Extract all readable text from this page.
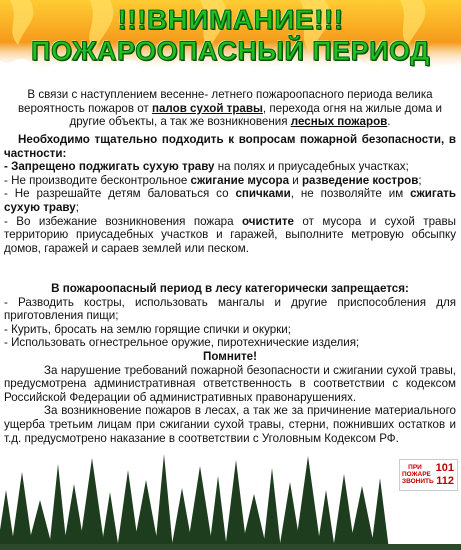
!!!ВНИМАНИЕ!!!
ПОЖАРООПАСНЫЙ ПЕРИОД
В связи с наступлением весенне- летнего пожароопасного периода велика вероятность пожаров от палов сухой травы, перехода огня на жилые дома и другие объекты, а так же возникновения лесных пожаров.

Необходимо тщательно подходить к вопросам пожарной безопасности, в частности:

- Запрещено поджигать сухую траву на полях и приусадебных участках;

- Не производите бесконтрольное сжигание мусора и разведение костров;

- Не разрешайте детям баловаться со спичками, не позволяйте им сжигать сухую траву;

- Во избежание возникновения пожара очистите от мусора и сухой травы территорию приусадебных участков и гаражей, выполните метровую обсыпку домов, гаражей и сараев землей или песком.

В пожароопасный период в лесу категорически запрещается:

- Разводить костры, использовать мангалы и другие приспособления для приготовления пищи;

- Курить, бросать на землю горящие спички и окурки;

- Использовать огнестрельное оружие, пиротехнические изделия;

Помните!

За нарушение требований пожарной безопасности и сжигании сухой травы, предусмотрена административная ответственность в соответствии с кодексом Российской Федерации об административных правонарушениях.

За возникновение пожаров в лесах, а так же за причинение материального ущерба третьим лицам при сжигании сухой травы, стерни, пожнивших остатков и т.д. предусмотрено наказание в соответствии с Уголовным Кодексом РФ.

ПРИ ПОЖАРЕ ЗВОНИТЬ
101
112
